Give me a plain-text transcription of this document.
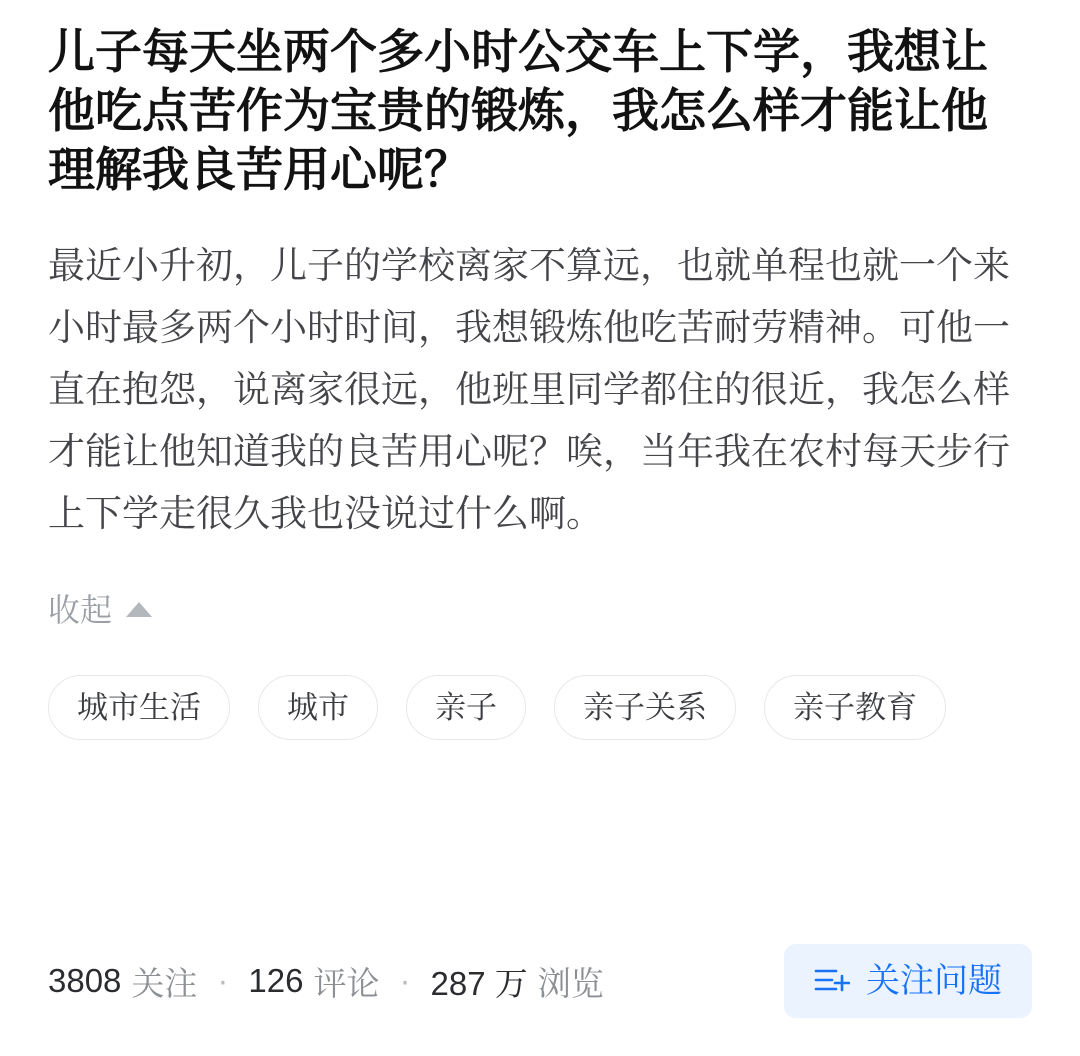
儿子每天坐两个多小时公交车上下学，我想让他吃点苦作为宝贵的锻炼，我怎么样才能让他理解我良苦用心呢？

最近小升初，儿子的学校离家不算远，也就单程也就一个来小时最多两个小时时间，我想锻炼他吃苦耐劳精神。可他一直在抱怨，说离家很远，他班里同学都住的很近，我怎么样才能让他知道我的良苦用心呢？唉，当年我在农村每天步行上下学走很久我也没说过什么啊。

收起
城市生活	城市	亲子	亲子关系	亲子教育
3808 关注 · 126 评论 · 287 万 浏览	关注问题
